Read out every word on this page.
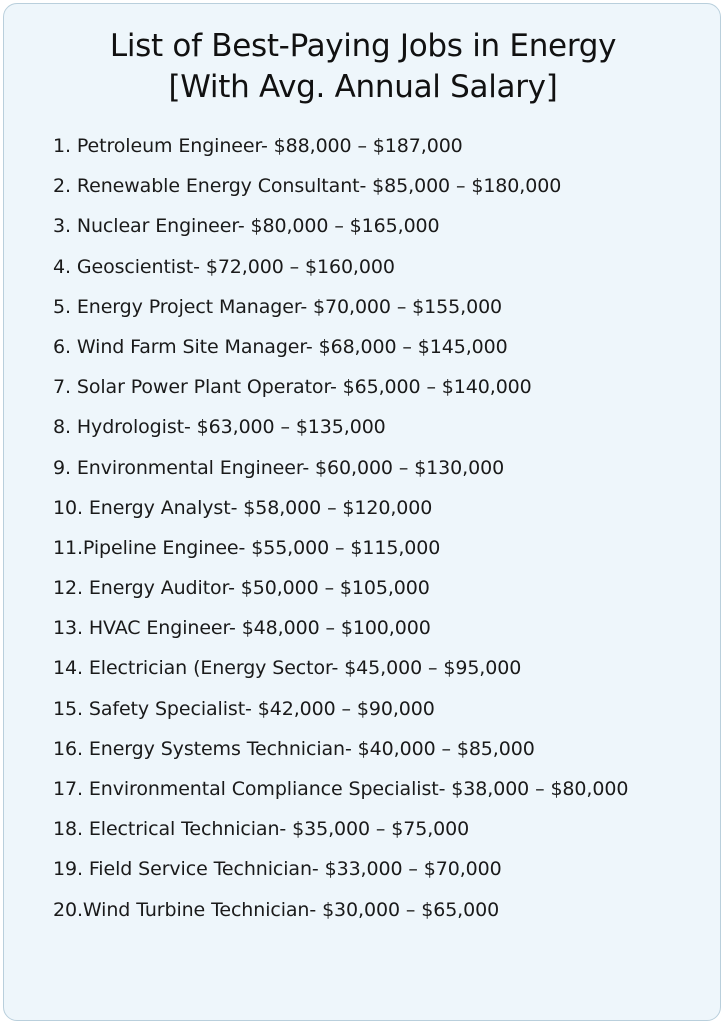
List of Best-Paying Jobs in Energy
[With Avg. Annual Salary]
1. Petroleum Engineer- $88,000 – $187,000
2. Renewable Energy Consultant- $85,000 – $180,000
3. Nuclear Engineer- $80,000 – $165,000
4. Geoscientist- $72,000 – $160,000
5. Energy Project Manager- $70,000 – $155,000
6. Wind Farm Site Manager- $68,000 – $145,000
7. Solar Power Plant Operator- $65,000 – $140,000
8. Hydrologist- $63,000 – $135,000
9. Environmental Engineer- $60,000 – $130,000
10. Energy Analyst- $58,000 – $120,000
11.Pipeline Enginee- $55,000 – $115,000
12. Energy Auditor- $50,000 – $105,000
13. HVAC Engineer- $48,000 – $100,000
14. Electrician (Energy Sector- $45,000 – $95,000
15. Safety Specialist- $42,000 – $90,000
16. Energy Systems Technician- $40,000 – $85,000
17. Environmental Compliance Specialist- $38,000 – $80,000
18. Electrical Technician- $35,000 – $75,000
19. Field Service Technician- $33,000 – $70,000
20.Wind Turbine Technician- $30,000 – $65,000
